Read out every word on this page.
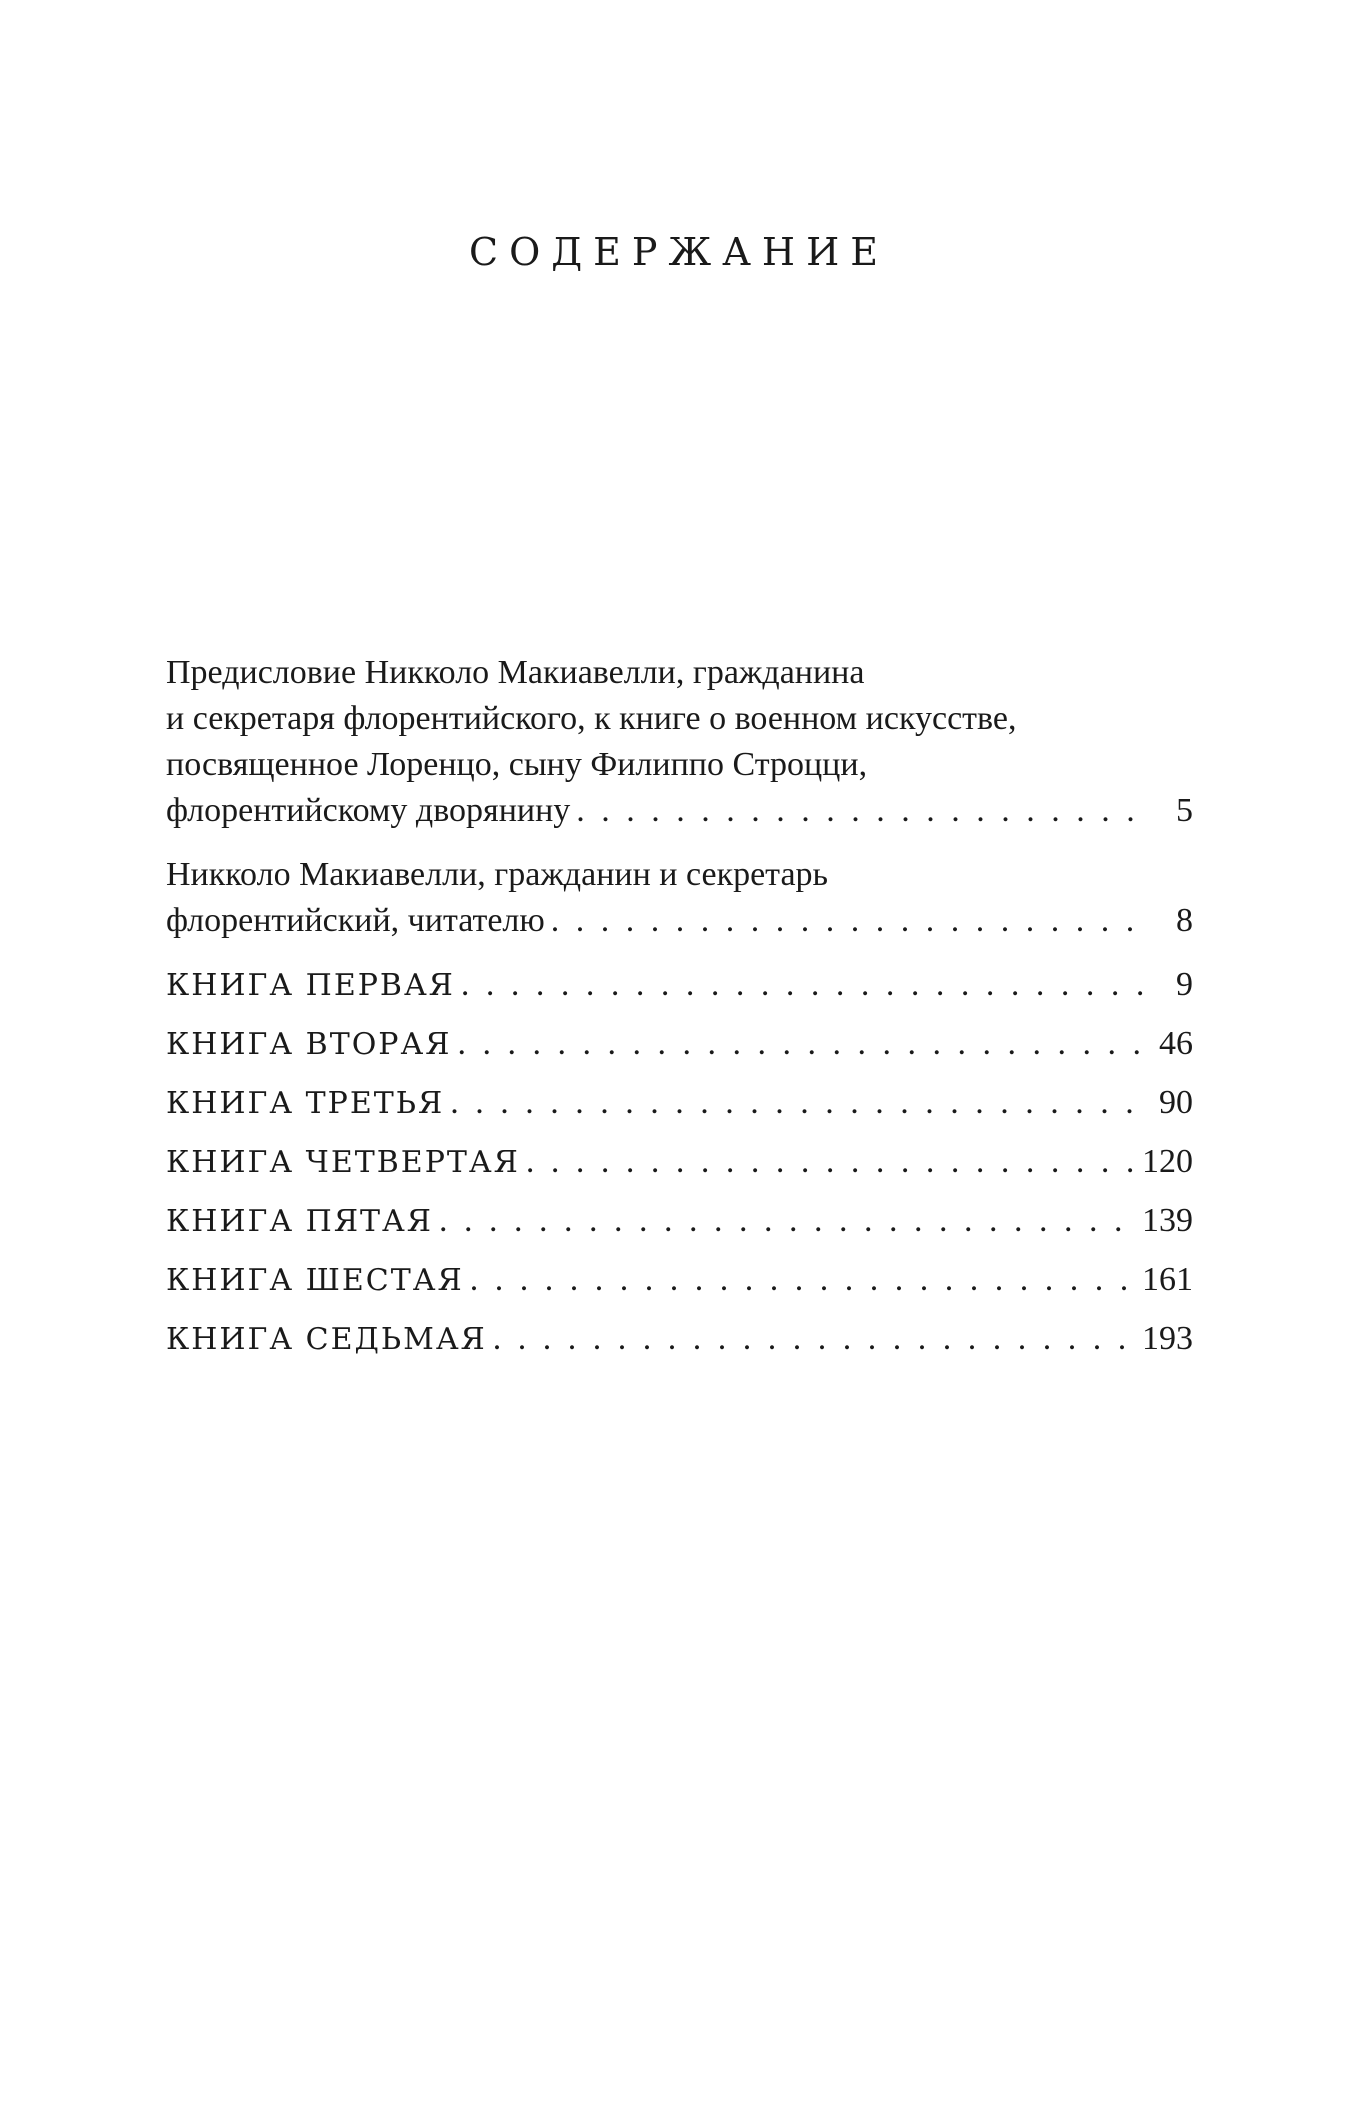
СОДЕРЖАНИЕ
Предисловие Никколо Макиавелли, гражданина
и секретаря флорентийского, к книге о военном искусстве,
посвященное Лоренцо, сыну Филиппо Строцци,
флорентийскому дворянину . . .	5
Никколо Макиавелли, гражданин и секретарь
флорентийский, читателю . . .	8
КНИГА ПЕРВАЯ . . .	9
КНИГА ВТОРАЯ . . .	46
КНИГА ТРЕТЬЯ . . .	90
КНИГА ЧЕТВЕРТАЯ . . .	120
КНИГА ПЯТАЯ . . .	139
КНИГА ШЕСТАЯ . . .	161
КНИГА СЕДЬМАЯ . . .	193
